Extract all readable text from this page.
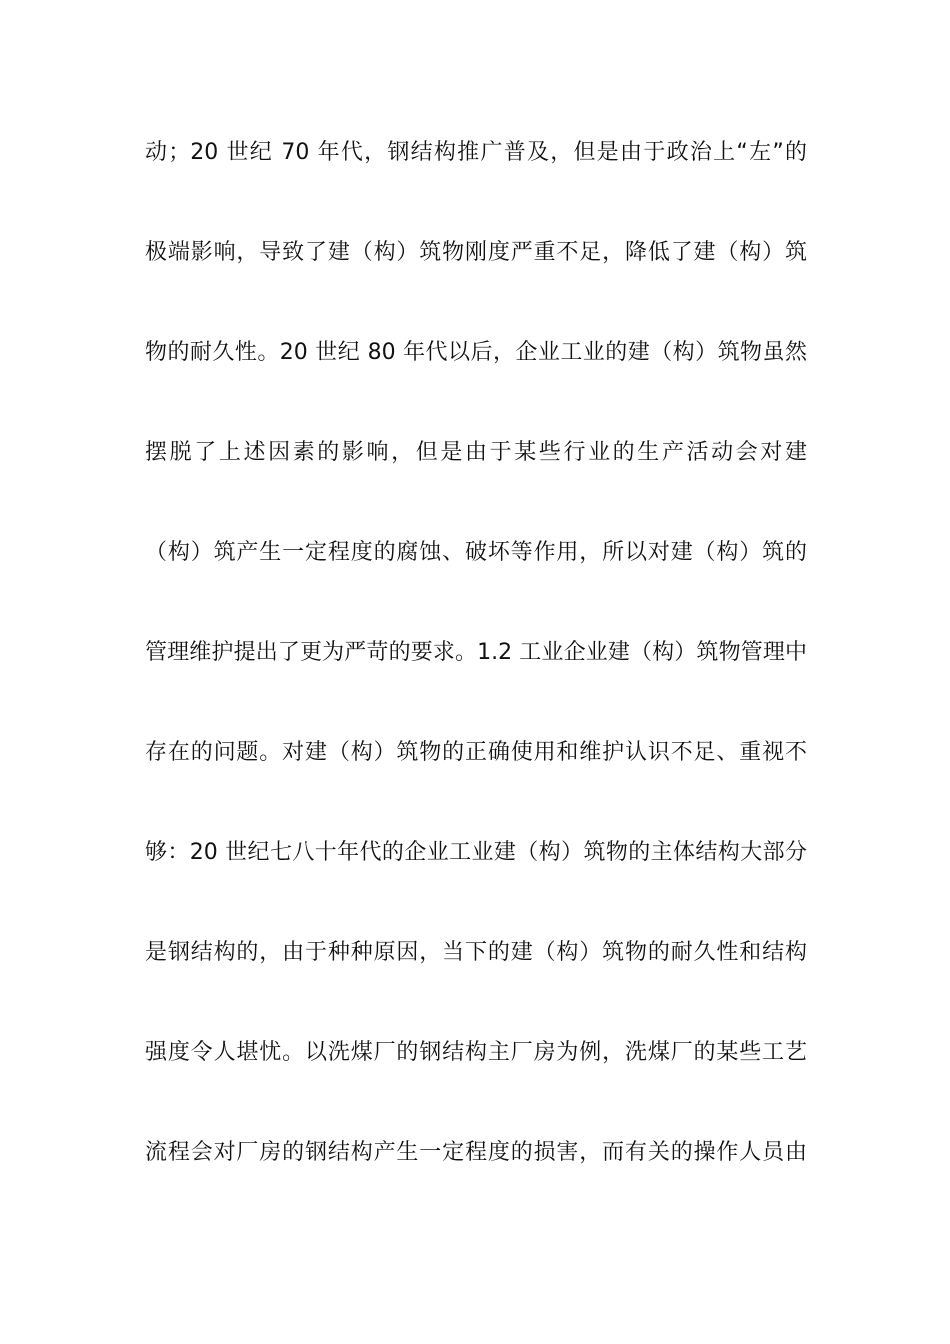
动；20 世纪 70 年代，钢结构推广普及，但是由于政治上“左”的
极端影响，导致了建（构）筑物刚度严重不足，降低了建（构）筑
物的耐久性。20 世纪 80 年代以后，企业工业的建（构）筑物虽然
摆脱了上述因素的影响，但是由于某些行业的生产活动会对建
（构）筑产生一定程度的腐蚀、破坏等作用，所以对建（构）筑的
管理维护提出了更为严苛的要求。1.2 工业企业建（构）筑物管理中
存在的问题。对建（构）筑物的正确使用和维护认识不足、重视不
够：20 世纪七八十年代的企业工业建（构）筑物的主体结构大部分
是钢结构的，由于种种原因，当下的建（构）筑物的耐久性和结构
强度令人堪忧。以洗煤厂的钢结构主厂房为例，洗煤厂的某些工艺
流程会对厂房的钢结构产生一定程度的损害，而有关的操作人员由
